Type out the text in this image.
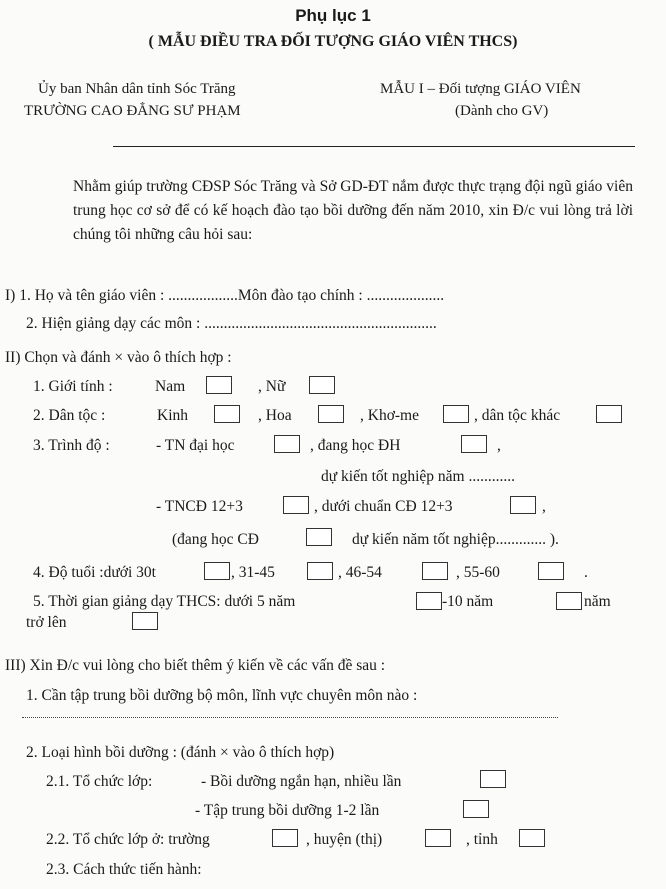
Phụ lục 1
( MẪU ĐIỀU TRA ĐỐI TƯỢNG GIÁO VIÊN THCS)
Ủy ban Nhân dân tỉnh Sóc Trăng
TRƯỜNG CAO ĐẲNG SƯ PHẠM
MẪU I – Đối tượng GIÁO VIÊN
(Dành cho GV)

Nhằm giúp trường CĐSP Sóc Trăng và Sở GD-ĐT nắm được thực trạng đội ngũ giáo viên trung học cơ sở để có kế hoạch đào tạo bồi dưỡng đến năm 2010, xin Đ/c vui lòng trả lời chúng tôi những câu hỏi sau:

I) 1. Họ và tên giáo viên : ..................Môn đào tạo chính : ....................
2. Hiện giảng dạy các môn : ............................................................
II) Chọn và đánh × vào ô thích hợp :
1. Giới tính :	Nam	, Nữ
2. Dân tộc :	Kinh	, Hoa	, Khơ-me	, dân tộc khác
3. Trình độ :	- TN đại học	, đang học ĐH	,
dự kiến tốt nghiệp năm ............
- TNCĐ 12+3	, dưới chuẩn CĐ 12+3	,
(đang học CĐ	dự kiến năm tốt nghiệp............. ).
4. Độ tuổi :dưới 30t	, 31-45	, 46-54	, 55-60	.
5. Thời gian giảng dạy THCS: dưới 5 năm	-10 năm	năm
trở lên
III) Xin Đ/c vui lòng cho biết thêm ý kiến về các vấn đề sau :
1. Cần tập trung bồi dưỡng bộ môn, lĩnh vực chuyên môn nào :
2. Loại hình bồi dưỡng : (đánh × vào ô thích hợp)
2.1. Tổ chức lớp:	- Bồi dưỡng ngắn hạn, nhiều lần
- Tập trung bồi dưỡng 1-2 lần
2.2. Tổ chức lớp ở: trường	, huyện (thị)	, tỉnh
2.3. Cách thức tiến hành:
